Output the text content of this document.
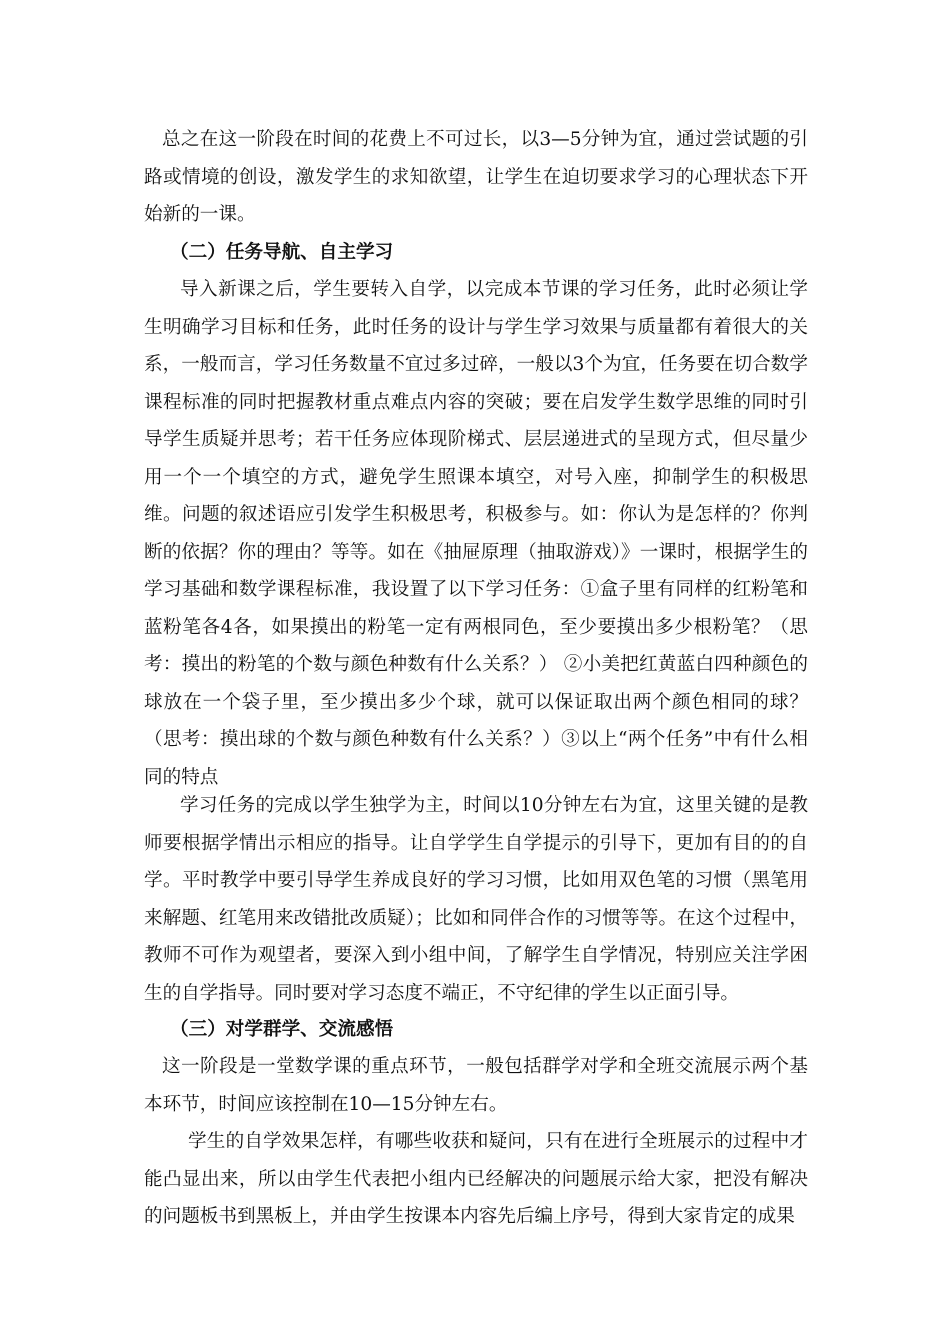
总之在这一阶段在时间的花费上不可过长，以3—5分钟为宜，通过尝试题的引路或情境的创设，激发学生的求知欲望，让学生在迫切要求学习的心理状态下开始新的一课。

（二）任务导航、自主学习

导入新课之后，学生要转入自学，以完成本节课的学习任务，此时必须让学生明确学习目标和任务，此时任务的设计与学生学习效果与质量都有着很大的关系，一般而言，学习任务数量不宜过多过碎，一般以3个为宜，任务要在切合数学课程标准的同时把握教材重点难点内容的突破；要在启发学生数学思维的同时引导学生质疑并思考；若干任务应体现阶梯式、层层递进式的呈现方式，但尽量少用一个一个填空的方式，避免学生照课本填空，对号入座，抑制学生的积极思维。问题的叙述语应引发学生积极思考，积极参与。如：你认为是怎样的？你判断的依据？你的理由？等等。如在《抽屉原理（抽取游戏）》一课时，根据学生的学习基础和数学课程标准，我设置了以下学习任务：①盒子里有同样的红粉笔和蓝粉笔各4各，如果摸出的粉笔一定有两根同色，至少要摸出多少根粉笔？（思考：摸出的粉笔的个数与颜色种数有什么关系？） ②小美把红黄蓝白四种颜色的球放在一个袋子里，至少摸出多少个球，就可以保证取出两个颜色相同的球？（思考：摸出球的个数与颜色种数有什么关系？）③以上“两个任务”中有什么相同的特点

学习任务的完成以学生独学为主，时间以10分钟左右为宜，这里关键的是教师要根据学情出示相应的指导。让自学学生自学提示的引导下，更加有目的的自学。平时教学中要引导学生养成良好的学习习惯，比如用双色笔的习惯（黑笔用来解题、红笔用来改错批改质疑）；比如和同伴合作的习惯等等。在这个过程中，教师不可作为观望者，要深入到小组中间，了解学生自学情况，特别应关注学困生的自学指导。同时要对学习态度不端正，不守纪律的学生以正面引导。

（三）对学群学、交流感悟

这一阶段是一堂数学课的重点环节，一般包括群学对学和全班交流展示两个基本环节，时间应该控制在10—15分钟左右。

学生的自学效果怎样，有哪些收获和疑问，只有在进行全班展示的过程中才能凸显出来，所以由学生代表把小组内已经解决的问题展示给大家，把没有解决的问题板书到黑板上，并由学生按课本内容先后编上序号，得到大家肯定的成果
